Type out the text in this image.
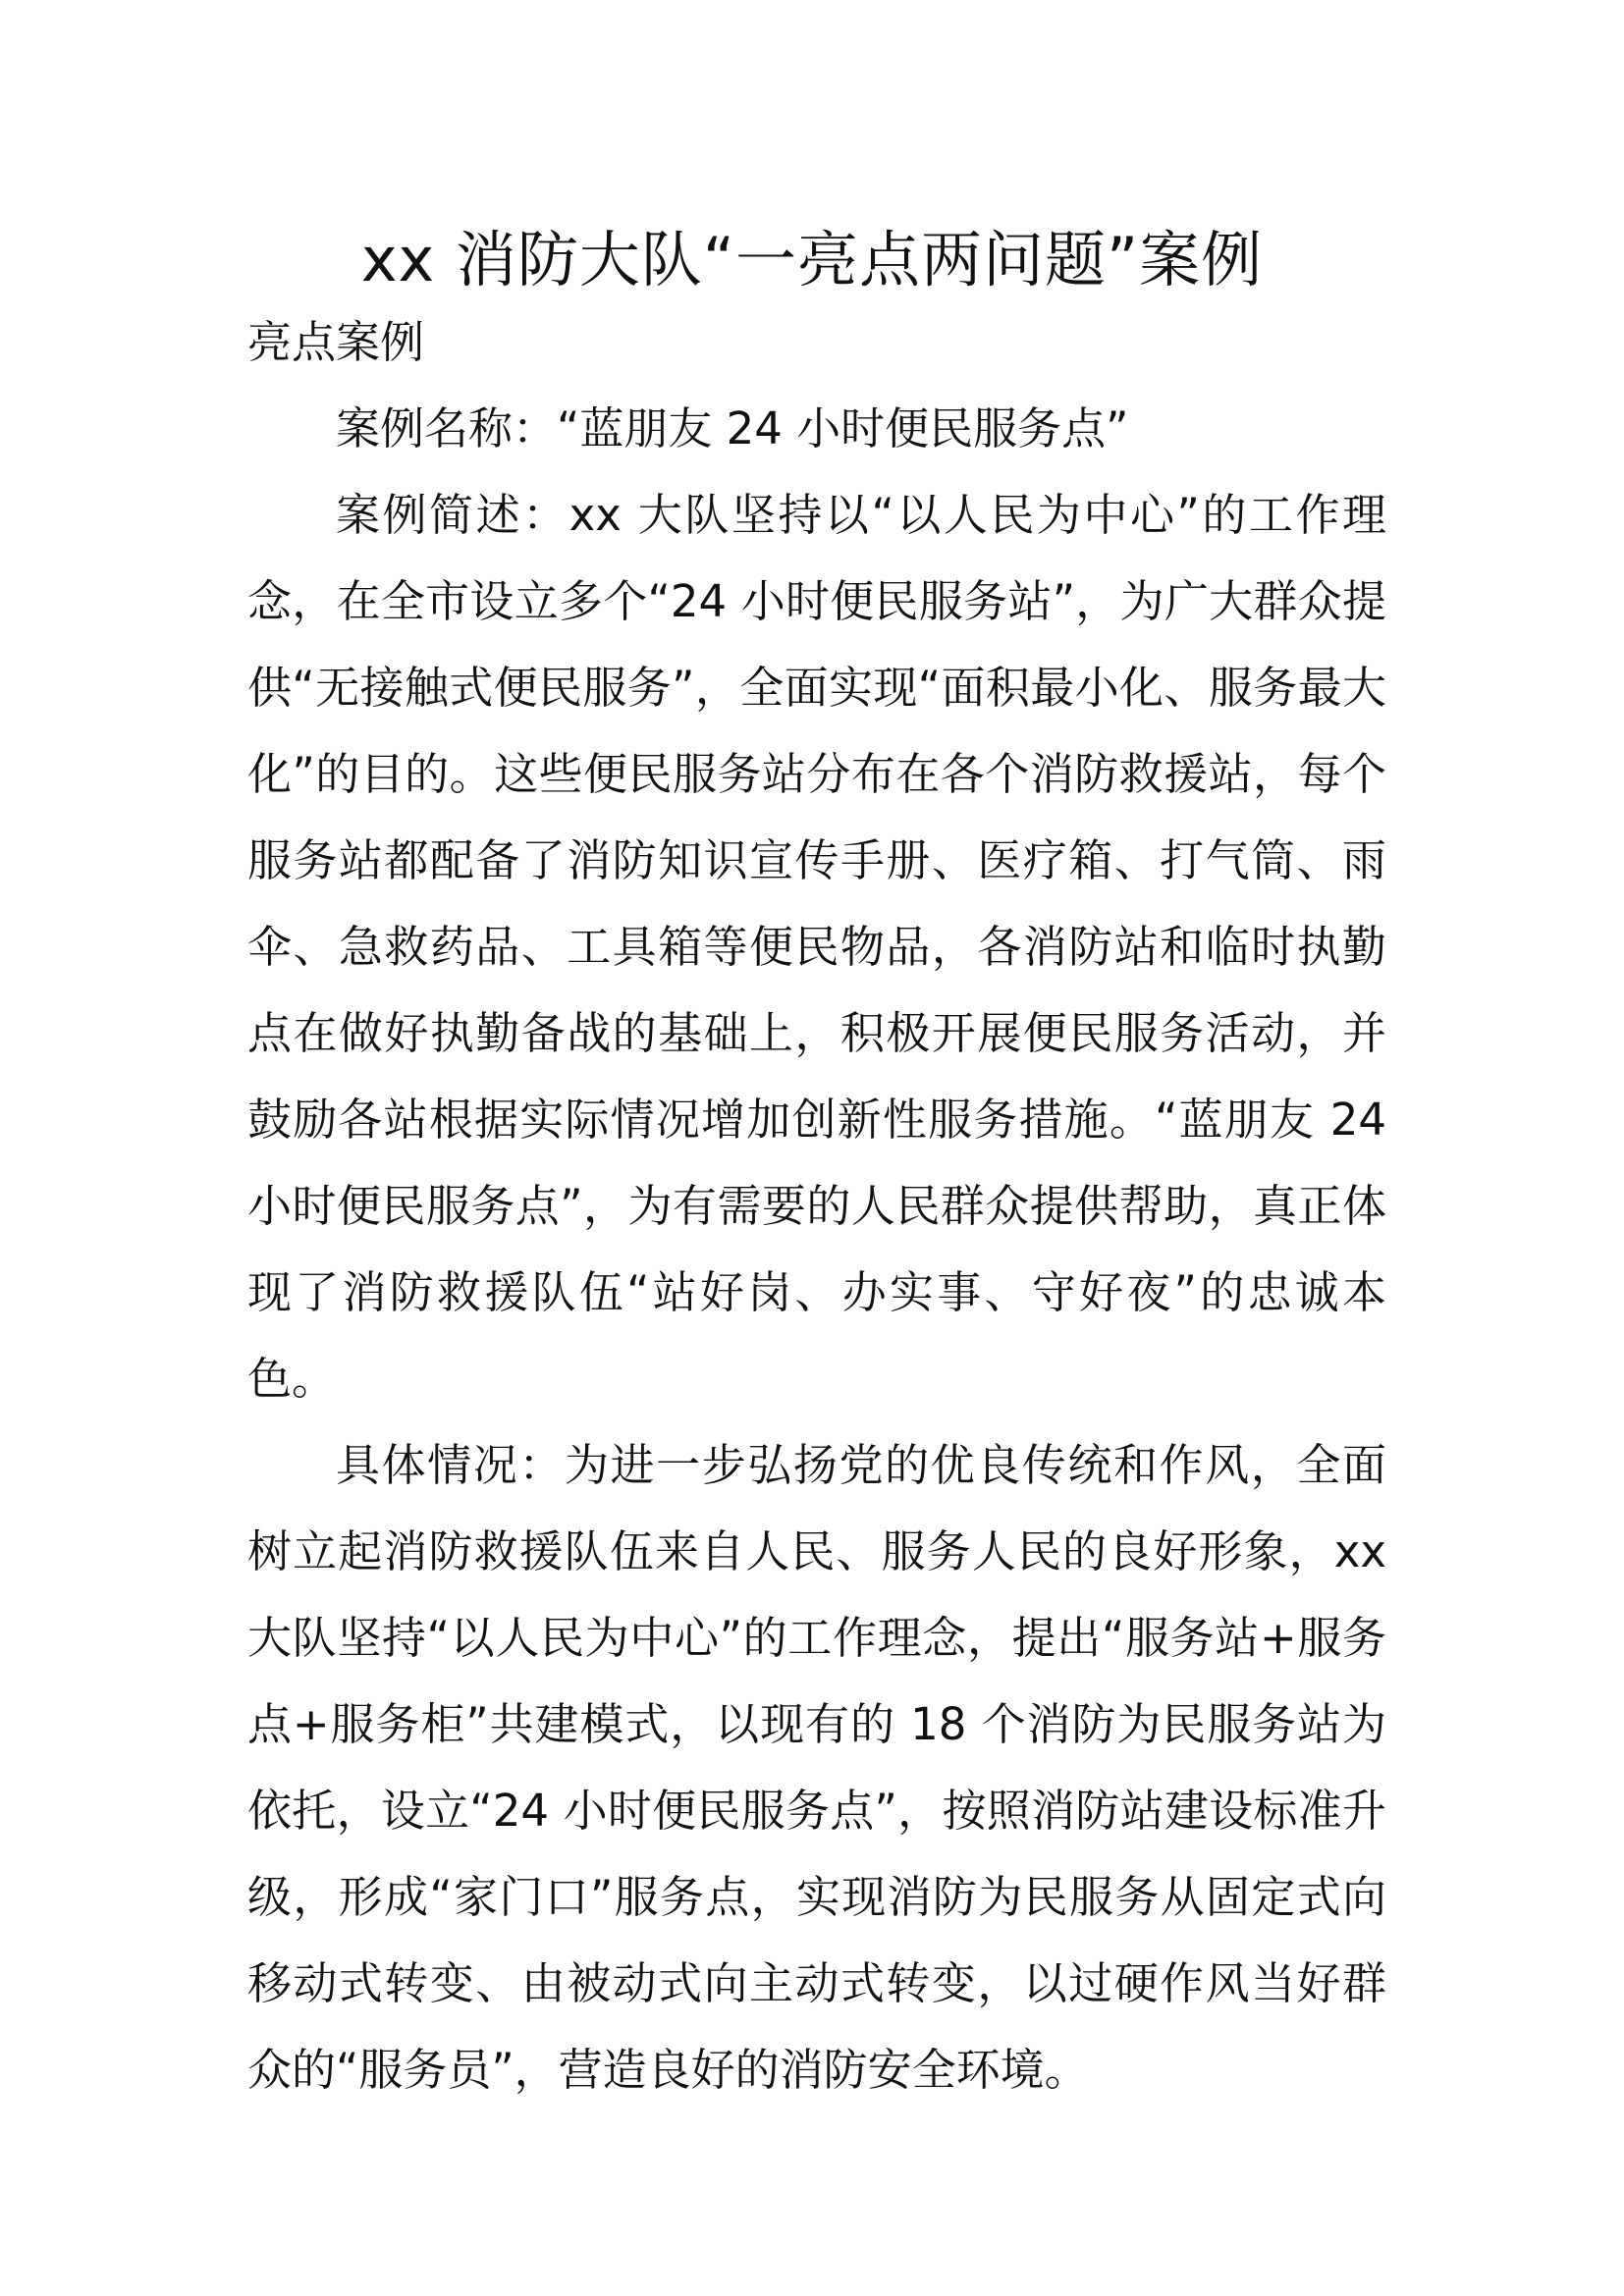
xx 消防大队“一亮点两问题”案例
亮点案例

案例名称：“蓝朋友 24 小时便民服务点”

案例简述：xx 大队坚持以“以人民为中心”的工作理念，在全市设立多个“24 小时便民服务站”，为广大群众提供“无接触式便民服务”，全面实现“面积最小化、服务最大化”的目的。这些便民服务站分布在各个消防救援站，每个服务站都配备了消防知识宣传手册、医疗箱、打气筒、雨伞、急救药品、工具箱等便民物品，各消防站和临时执勤点在做好执勤备战的基础上，积极开展便民服务活动，并鼓励各站根据实际情况增加创新性服务措施。“蓝朋友 24 小时便民服务点”，为有需要的人民群众提供帮助，真正体现了消防救援队伍“站好岗、办实事、守好夜”的忠诚本色。

具体情况：为进一步弘扬党的优良传统和作风，全面树立起消防救援队伍来自人民、服务人民的良好形象，xx 大队坚持“以人民为中心”的工作理念，提出“服务站+服务点+服务柜”共建模式，以现有的 18 个消防为民服务站为依托，设立“24 小时便民服务点”，按照消防站建设标准升级，形成“家门口”服务点，实现消防为民服务从固定式向移动式转变、由被动式向主动式转变，以过硬作风当好群众的“服务员”，营造良好的消防安全环境。
